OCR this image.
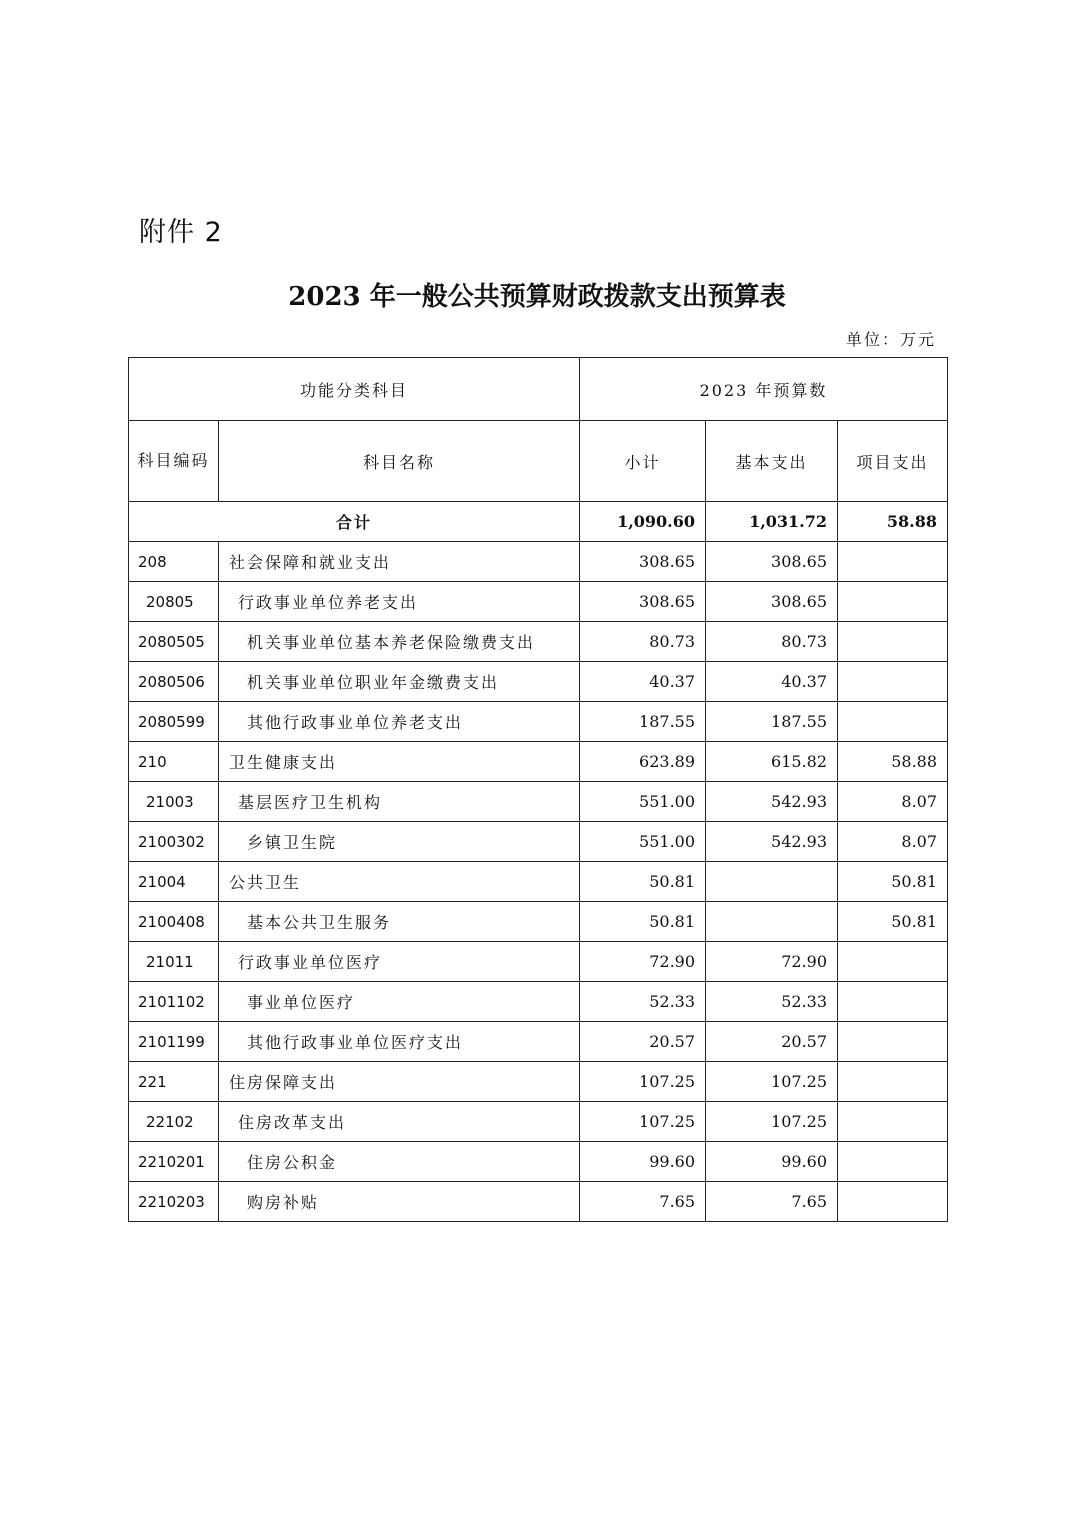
附件 2
2023 年一般公共预算财政拨款支出预算表
单位：万元
功能分类科目		2023 年预算数		
科目编码	科目名称	小计	基本支出	项目支出
合计		1,090.60	1,031.72	58.88
208	社会保障和就业支出	308.65	308.65	
20805	行政事业单位养老支出	308.65	308.65	
2080505	机关事业单位基本养老保险缴费支出	80.73	80.73	
2080506	机关事业单位职业年金缴费支出	40.37	40.37	
2080599	其他行政事业单位养老支出	187.55	187.55	
210	卫生健康支出	623.89	615.82	58.88
21003	基层医疗卫生机构	551.00	542.93	8.07
2100302	乡镇卫生院	551.00	542.93	8.07
21004	公共卫生	50.81		50.81
2100408	基本公共卫生服务	50.81		50.81
21011	行政事业单位医疗	72.90	72.90	
2101102	事业单位医疗	52.33	52.33	
2101199	其他行政事业单位医疗支出	20.57	20.57	
221	住房保障支出	107.25	107.25	
22102	住房改革支出	107.25	107.25	
2210201	住房公积金	99.60	99.60	
2210203	购房补贴	7.65	7.65	
